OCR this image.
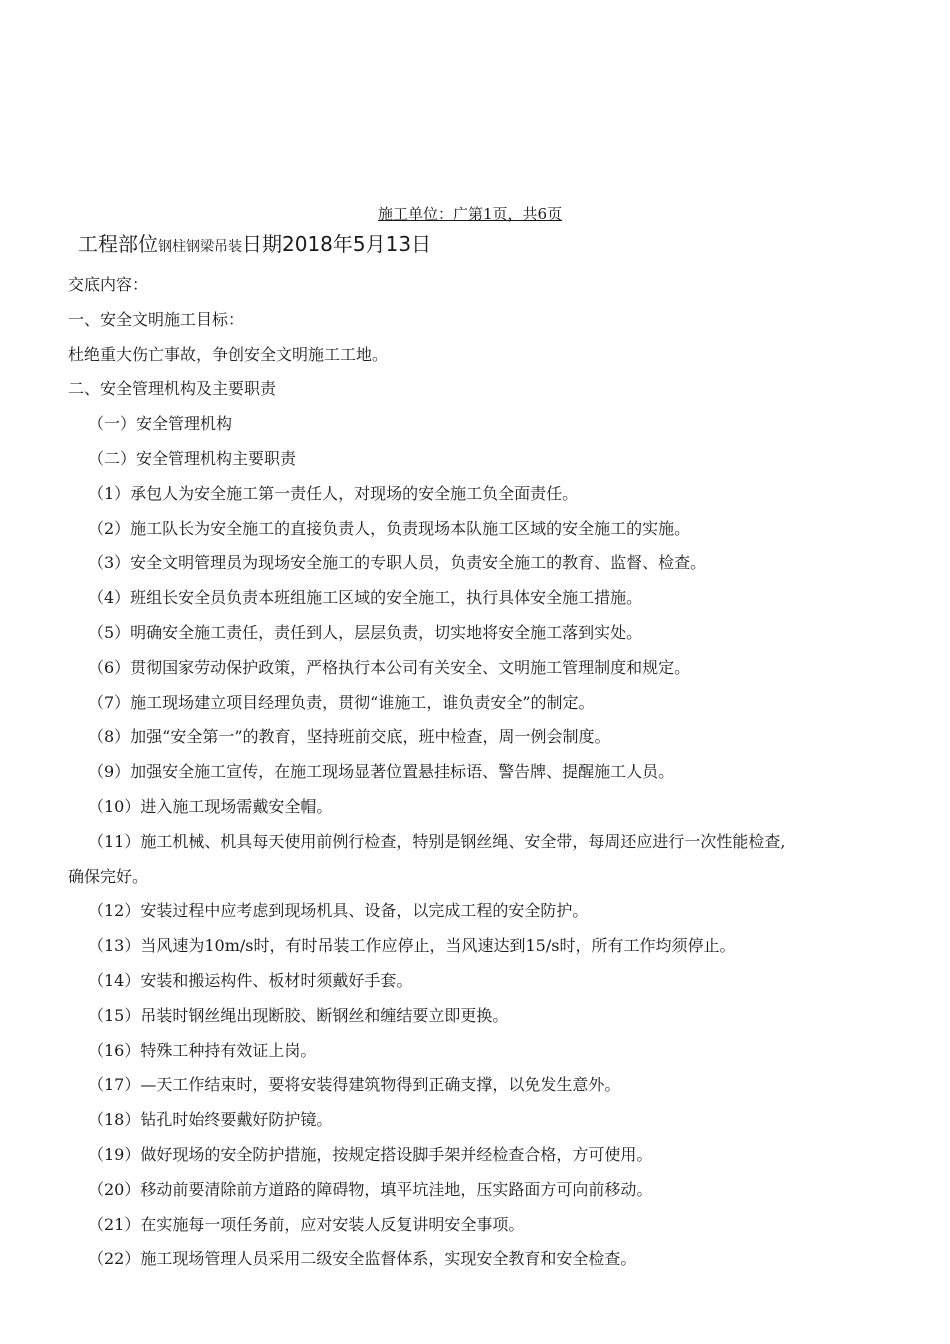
施工单位：广第1页，共6页
工程部位钢柱钢梁吊装日期2018年5月13日
交底内容：
一、安全文明施工目标：
杜绝重大伤亡事故，争创安全文明施工工地。
二、安全管理机构及主要职责
（一）安全管理机构
（二）安全管理机构主要职责
（1）承包人为安全施工第一责任人，对现场的安全施工负全面责任。
（2）施工队长为安全施工的直接负责人，负责现场本队施工区域的安全施工的实施。
（3）安全文明管理员为现场安全施工的专职人员，负责安全施工的教育、监督、检查。
（4）班组长安全员负责本班组施工区域的安全施工，执行具体安全施工措施。
（5）明确安全施工责任，责任到人，层层负责，切实地将安全施工落到实处。
（6）贯彻国家劳动保护政策，严格执行本公司有关安全、文明施工管理制度和规定。
（7）施工现场建立项目经理负责，贯彻“谁施工，谁负责安全”的制定。
（8）加强“安全第一”的教育，坚持班前交底，班中检查，周一例会制度。
（9）加强安全施工宣传，在施工现场显著位置悬挂标语、警告牌、提醒施工人员。
（10）进入施工现场需戴安全帽。
（11）施工机械、机具每天使用前例行检查，特别是钢丝绳、安全带，每周还应进行一次性能检查,
确保完好。
（12）安装过程中应考虑到现场机具、设备，以完成工程的安全防护。
（13）当风速为10m/s时，有时吊装工作应停止，当风速达到15/s时，所有工作均须停止。
（14）安装和搬运构件、板材时须戴好手套。
（15）吊装时钢丝绳出现断胶、断钢丝和缠结要立即更换。
（16）特殊工种持有效证上岗。
（17）—天工作结束时，要将安装得建筑物得到正确支撑，以免发生意外。
（18）钻孔时始终要戴好防护镜。
（19）做好现场的安全防护措施，按规定搭设脚手架并经检查合格，方可使用。
（20）移动前要清除前方道路的障碍物，填平坑洼地，压实路面方可向前移动。
（21）在实施每一项任务前，应对安装人反复讲明安全事项。
（22）施工现场管理人员采用二级安全监督体系，实现安全教育和安全检查。
